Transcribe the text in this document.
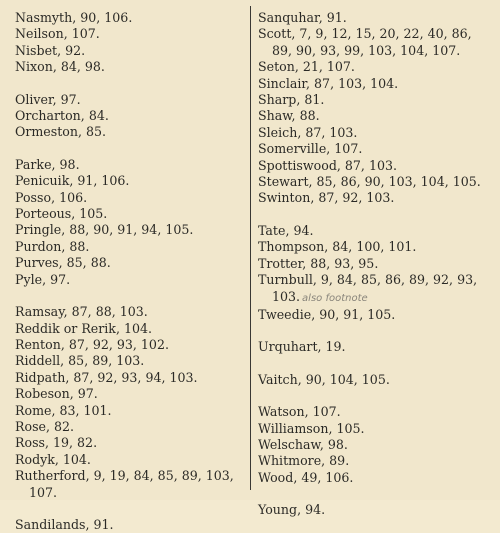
Nasmyth, 90, 106.
Neilson, 107.
Nisbet, 92.
Nixon, 84, 98.
Oliver, 97.
Orcharton, 84.
Ormeston, 85.
Parke, 98.
Penicuik, 91, 106.
Posso, 106.
Porteous, 105.
Pringle, 88, 90, 91, 94, 105.
Purdon, 88.
Purves, 85, 88.
Pyle, 97.
Ramsay, 87, 88, 103.
Reddik or Rerik, 104.
Renton, 87, 92, 93, 102.
Riddell, 85, 89, 103.
Ridpath, 87, 92, 93, 94, 103.
Robeson, 97.
Rome, 83, 101.
Rose, 82.
Ross, 19, 82.
Rodyk, 104.
Rutherford, 9, 19, 84, 85, 89, 103,
107.
Sandilands, 91.
Sanquhar, 91.
Scott, 7, 9, 12, 15, 20, 22, 40, 86,
89, 90, 93, 99, 103, 104, 107.
Seton, 21, 107.
Sinclair, 87, 103, 104.
Sharp, 81.
Shaw, 88.
Sleich, 87, 103.
Somerville, 107.
Spottiswood, 87, 103.
Stewart, 85, 86, 90, 103, 104, 105.
Swinton, 87, 92, 103.
Tate, 94.
Thompson, 84, 100, 101.
Trotter, 88, 93, 95.
Turnbull, 9, 84, 85, 86, 89, 92, 93,
103. also footnote
Tweedie, 90, 91, 105.
Urquhart, 19.
Vaitch, 90, 104, 105.
Watson, 107.
Williamson, 105.
Welschaw, 98.
Whitmore, 89.
Wood, 49, 106.
Young, 94.
